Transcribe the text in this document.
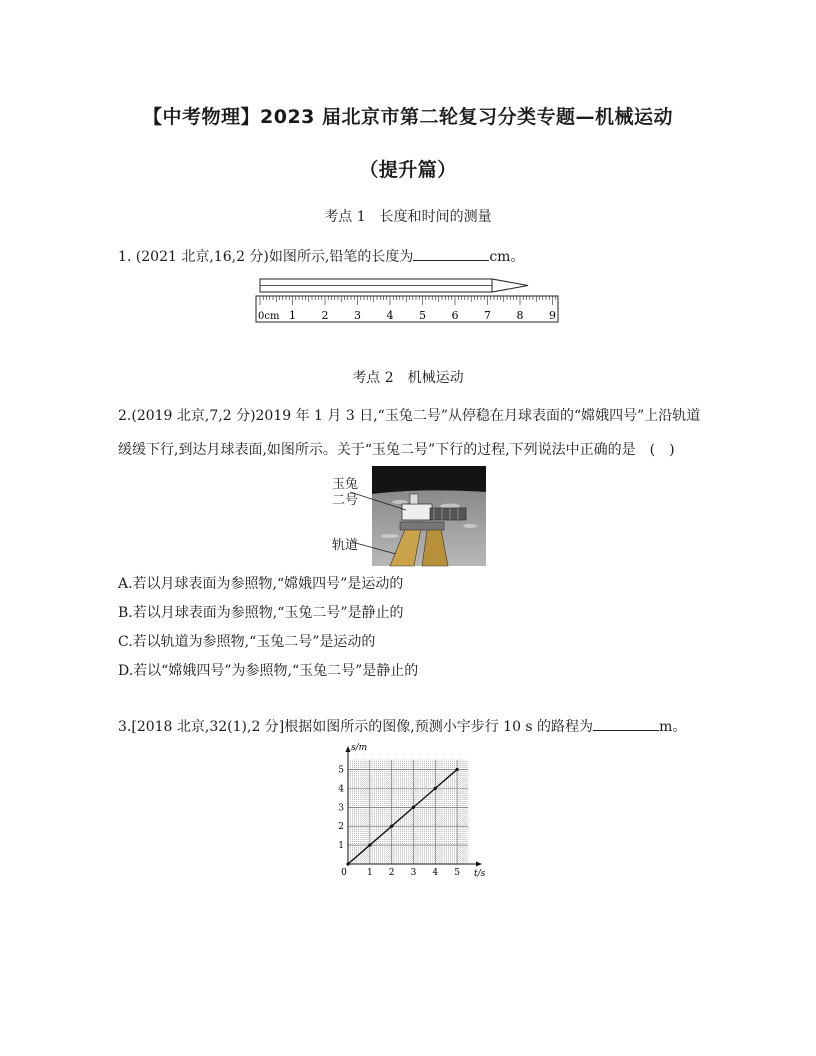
【中考物理】2023 届北京市第二轮复习分类专题—机械运动
（提升篇）
考点 1　长度和时间的测量
1. (2021 北京,16,2 分)如图所示,铅笔的长度为	cm。
0cm 1 2 3 4 5 6 7 8 9
考点 2　机械运动
2.(2019 北京,7,2 分)2019 年 1 月 3 日,“玉兔二号”从停稳在月球表面的“嫦娥四号”上沿轨道
缓缓下行,到达月球表面,如图所示。关于“玉兔二号”下行的过程,下列说法中正确的是　(　)
玉兔
二号
轨道
A.若以月球表面为参照物,“嫦娥四号”是运动的
B.若以月球表面为参照物,“玉兔二号”是静止的
C.若以轨道为参照物,“玉兔二号”是运动的
D.若以“嫦娥四号”为参照物,“玉兔二号”是静止的
3.[2018 北京,32(1),2 分]根据如图所示的图像,预测小宇步行 10 s 的路程为	m。
0 1 2 3 4 5
1
2
3
4
5
s/m
t/s
